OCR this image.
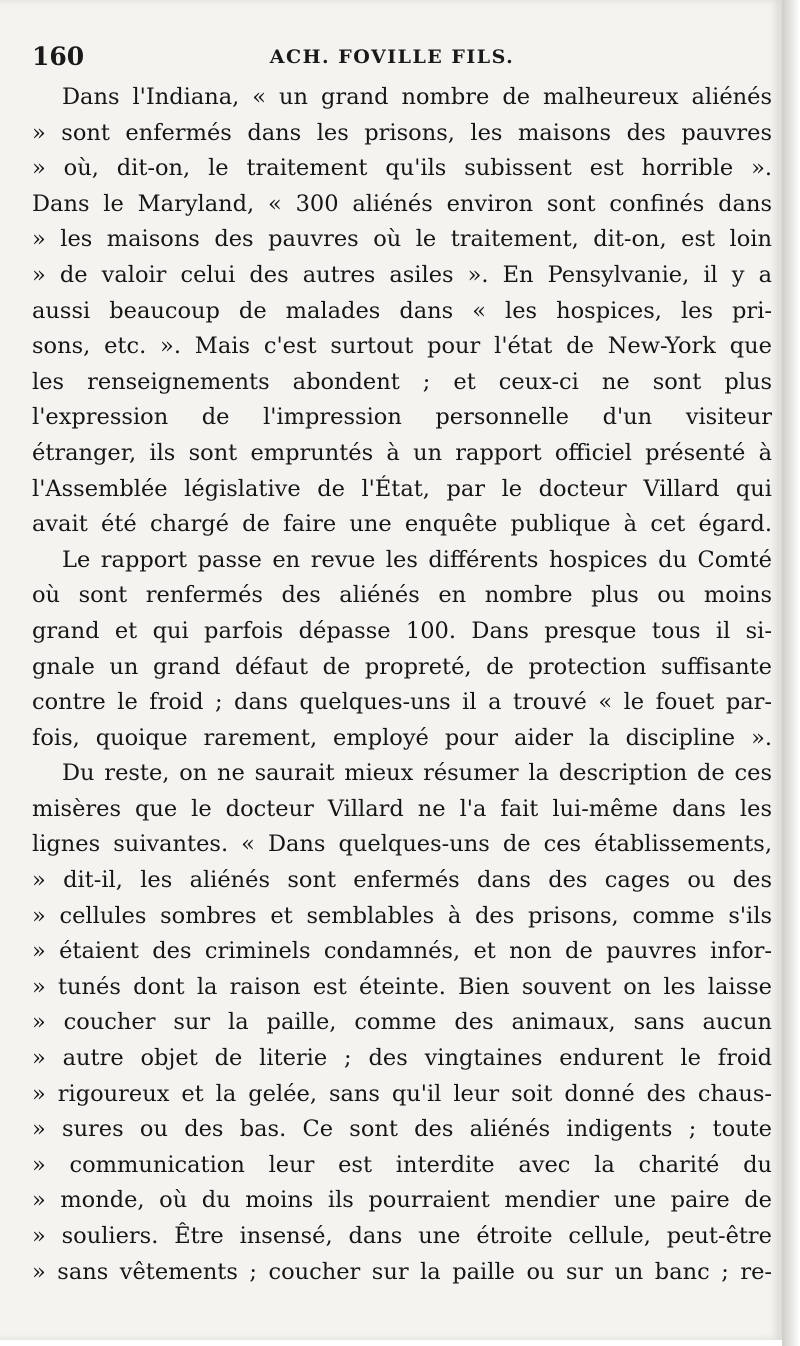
160	ACH. FOVILLE FILS.
Dans l'Indiana, « un grand nombre de malheureux aliénés
» sont enfermés dans les prisons, les maisons des pauvres
» où, dit-on, le traitement qu'ils subissent est horrible ».
Dans le Maryland, « 300 aliénés environ sont confinés dans
» les maisons des pauvres où le traitement, dit-on, est loin
» de valoir celui des autres asiles ». En Pensylvanie, il y a
aussi beaucoup de malades dans « les hospices, les pri-
sons, etc. ». Mais c'est surtout pour l'état de New-York que
les renseignements abondent ; et ceux-ci ne sont plus
l'expression de l'impression personnelle d'un visiteur
étranger, ils sont empruntés à un rapport officiel présenté à
l'Assemblée législative de l'État, par le docteur Villard qui
avait été chargé de faire une enquête publique à cet égard.
Le rapport passe en revue les différents hospices du Comté
où sont renfermés des aliénés en nombre plus ou moins
grand et qui parfois dépasse 100. Dans presque tous il si-
gnale un grand défaut de propreté, de protection suffisante
contre le froid ; dans quelques-uns il a trouvé « le fouet par-
fois, quoique rarement, employé pour aider la discipline ».
Du reste, on ne saurait mieux résumer la description de ces
misères que le docteur Villard ne l'a fait lui-même dans les
lignes suivantes. « Dans quelques-uns de ces établissements,
» dit-il, les aliénés sont enfermés dans des cages ou des
» cellules sombres et semblables à des prisons, comme s'ils
» étaient des criminels condamnés, et non de pauvres infor-
» tunés dont la raison est éteinte. Bien souvent on les laisse
» coucher sur la paille, comme des animaux, sans aucun
» autre objet de literie ; des vingtaines endurent le froid
» rigoureux et la gelée, sans qu'il leur soit donné des chaus-
» sures ou des bas. Ce sont des aliénés indigents ; toute
» communication leur est interdite avec la charité du
» monde, où du moins ils pourraient mendier une paire de
» souliers. Être insensé, dans une étroite cellule, peut-être
» sans vêtements ; coucher sur la paille ou sur un banc ; re-
